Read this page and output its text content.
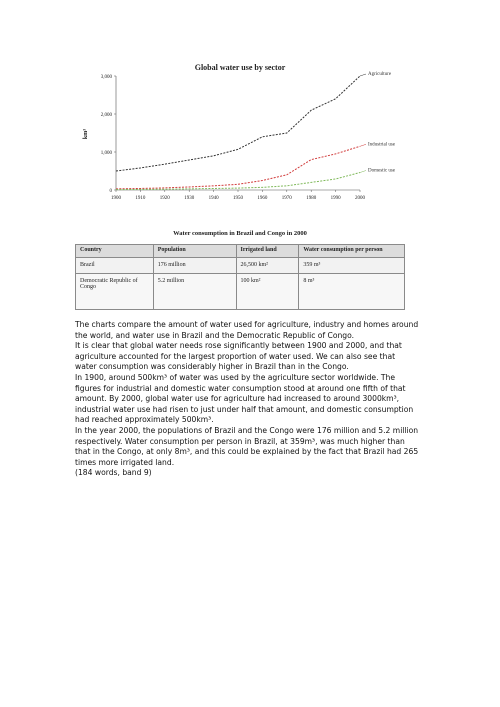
Global water use by sector
km³
1900	1910	1920	1930	1940	1950	1960	1970	1980	1990	2000
3,000
2,000
1,000
0
Agriculture
Industrial use
Domestic use
Water consumption in Brazil and Congo in 2000
Country	Population	Irrigated land	Water consumption per person
Brazil	176 million	26,500 km²	359 m³
Democratic Republic of Congo	5.2 million	100 km²	8 m³

The charts compare the amount of water used for agriculture, industry and homes around the world, and water use in Brazil and the Democratic Republic of Congo.

It is clear that global water needs rose significantly between 1900 and 2000, and that agriculture accounted for the largest proportion of water used. We can also see that water consumption was considerably higher in Brazil than in the Congo.

In 1900, around 500km³ of water was used by the agriculture sector worldwide. The figures for industrial and domestic water consumption stood at around one fifth of that amount. By 2000, global water use for agriculture had increased to around 3000km³, industrial water use had risen to just under half that amount, and domestic consumption had reached approximately 500km³.

In the year 2000, the populations of Brazil and the Congo were 176 million and 5.2 million respectively. Water consumption per person in Brazil, at 359m³, was much higher than that in the Congo, at only 8m³, and this could be explained by the fact that Brazil had 265 times more irrigated land.

(184 words, band 9)
